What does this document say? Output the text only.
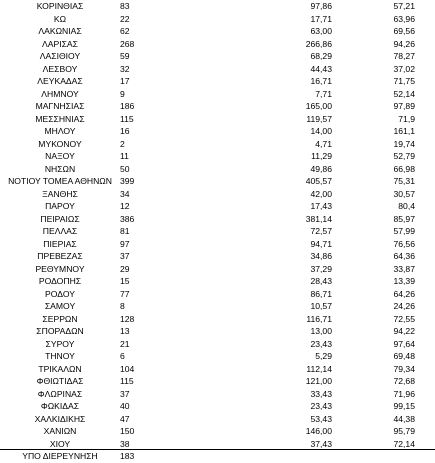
ΚΟΡΙΝΘΙΑΣ	83	97,86	57,21
ΚΩ	22	17,71	63,96
ΛΑΚΩΝΙΑΣ	62	63,00	69,56
ΛΑΡΙΣΑΣ	268	266,86	94,26
ΛΑΣΙΘΙΟΥ	59	68,29	78,27
ΛΕΣΒΟΥ	32	44,43	37,02
ΛΕΥΚΑΔΑΣ	17	16,71	71,75
ΛΗΜΝΟΥ	9	7,71	52,14
ΜΑΓΝΗΣΙΑΣ	186	165,00	97,89
ΜΕΣΣΗΝΙΑΣ	115	119,57	71,9
ΜΗΛΟΥ	16	14,00	161,1
ΜΥΚΟΝΟΥ	2	4,71	19,74
ΝΑΞΟΥ	11	11,29	52,79
ΝΗΣΩΝ	50	49,86	66,98
ΝΟΤΙΟΥ ΤΟΜΕΑ ΑΘΗΝΩΝ	399	405,57	75,31
ΞΑΝΘΗΣ	34	42,00	30,57
ΠΑΡΟΥ	12	17,43	80,4
ΠΕΙΡΑΙΩΣ	386	381,14	85,97
ΠΕΛΛΑΣ	81	72,57	57,99
ΠΙΕΡΙΑΣ	97	94,71	76,56
ΠΡΕΒΕΖΑΣ	37	34,86	64,36
ΡΕΘΥΜΝΟΥ	29	37,29	33,87
ΡΟΔΟΠΗΣ	15	28,43	13,39
ΡΟΔΟΥ	77	86,71	64,26
ΣΑΜΟΥ	8	10,57	24,26
ΣΕΡΡΩΝ	128	116,71	72,55
ΣΠΟΡΑΔΩΝ	13	13,00	94,22
ΣΥΡΟΥ	21	23,43	97,64
ΤΗΝΟΥ	6	5,29	69,48
ΤΡΙΚΑΛΩΝ	104	112,14	79,34
ΦΘΙΩΤΙΔΑΣ	115	121,00	72,68
ΦΛΩΡΙΝΑΣ	37	33,43	71,96
ΦΩΚΙΔΑΣ	40	23,43	99,15
ΧΑΛΚΙΔΙΚΗΣ	47	53,43	44,38
ΧΑΝΙΩΝ	150	146,00	95,79
ΧΙΟΥ	38	37,43	72,14
ΥΠΟ ΔΙΕΡΕΥΝΗΣΗ	183		
